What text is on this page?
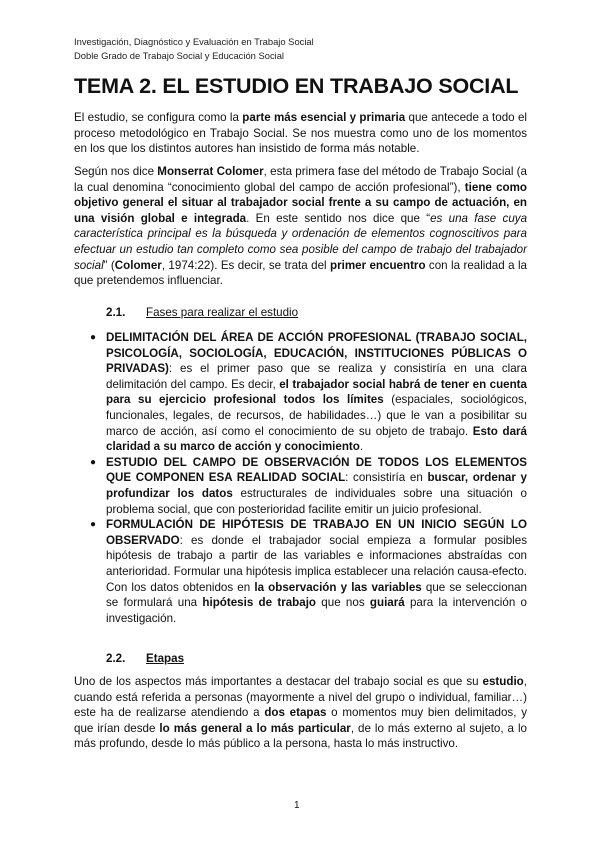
Investigación, Diagnóstico y Evaluación en Trabajo Social
Doble Grado de Trabajo Social y Educación Social
TEMA 2. EL ESTUDIO EN TRABAJO SOCIAL

El estudio, se configura como la parte más esencial y primaria que antecede a todo el proceso metodológico en Trabajo Social. Se nos muestra como uno de los momentos en los que los distintos autores han insistido de forma más notable.

Según nos dice Monserrat Colomer, esta primera fase del método de Trabajo Social (a la cual denomina “conocimiento global del campo de acción profesional”), tiene como objetivo general el situar al trabajador social frente a su campo de actuación, en una visión global e integrada. En este sentido nos dice que “es una fase cuya característica principal es la búsqueda y ordenación de elementos cognoscitivos para efectuar un estudio tan completo como sea posible del campo de trabajo del trabajador social” (Colomer, 1974:22). Es decir, se trata del primer encuentro con la realidad a la que pretendemos influenciar.

2.1. Fases para realizar el estudio
● DELIMITACIÓN DEL ÁREA DE ACCIÓN PROFESIONAL (TRABAJO SOCIAL, PSICOLOGÍA, SOCIOLOGÍA, EDUCACIÓN, INSTITUCIONES PÚBLICAS O PRIVADAS): es el primer paso que se realiza y consistiría en una clara delimitación del campo. Es decir, el trabajador social habrá de tener en cuenta para su ejercicio profesional todos los límites (espaciales, sociológicos, funcionales, legales, de recursos, de habilidades…) que le van a posibilitar su marco de acción, así como el conocimiento de su objeto de trabajo. Esto dará claridad a su marco de acción y conocimiento.
● ESTUDIO DEL CAMPO DE OBSERVACIÓN DE TODOS LOS ELEMENTOS QUE COMPONEN ESA REALIDAD SOCIAL: consistiría en buscar, ordenar y profundizar los datos estructurales de individuales sobre una situación o problema social, que con posterioridad facilite emitir un juicio profesional.
● FORMULACIÓN DE HIPÓTESIS DE TRABAJO EN UN INICIO SEGÚN LO OBSERVADO: es donde el trabajador social empieza a formular posibles hipótesis de trabajo a partir de las variables e informaciones abstraídas con anterioridad. Formular una hipótesis implica establecer una relación causa-efecto. Con los datos obtenidos en la observación y las variables que se seleccionan se formulará una hipótesis de trabajo que nos guiará para la intervención o investigación.
2.2. Etapas

Uno de los aspectos más importantes a destacar del trabajo social es que su estudio, cuando está referida a personas (mayormente a nivel del grupo o individual, familiar…) este ha de realizarse atendiendo a dos etapas o momentos muy bien delimitados, y que irían desde lo más general a lo más particular, de lo más externo al sujeto, a lo más profundo, desde lo más público a la persona, hasta lo más instructivo.

1
